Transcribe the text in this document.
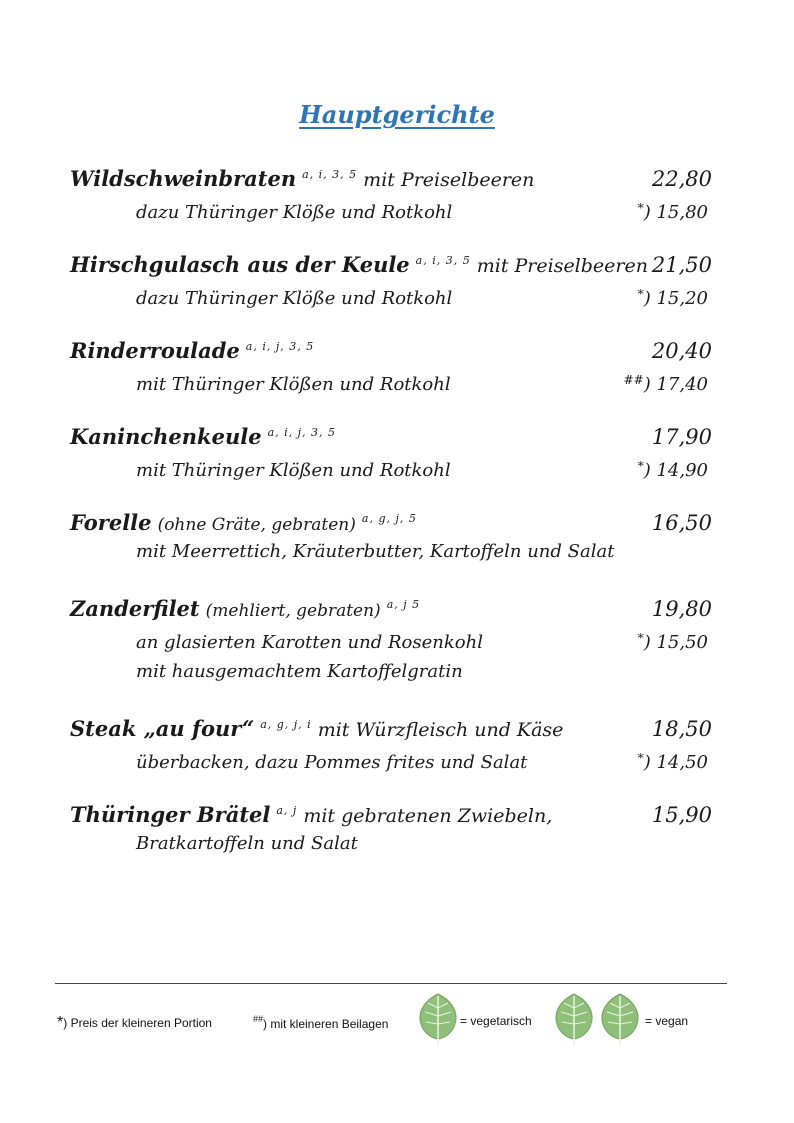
Hauptgerichte
Wildschweinbraten $^{a, i, 3, 5}$ mit Preiselbeeren	22,80
dazu Thüringer Klöße und Rotkohl	*) 15,80
Hirschgulasch aus der Keule $^{a, i, 3, 5}$ mit Preiselbeeren 21,50
dazu Thüringer Klöße und Rotkohl	*) 15,20
Rinderroulade $^{a, i, j, 3, 5}$	20,40
mit Thüringer Klößen und Rotkohl	##) 17,40
Kaninchenkeule $^{a, i, j, 3, 5}$	17,90
mit Thüringer Klößen und Rotkohl	*) 14,90
Forelle (ohne Gräte, gebraten) $^{a, g, j, 5}$	16,50
mit Meerrettich, Kräuterbutter, Kartoffeln und Salat
Zanderfilet (mehliert, gebraten) $^{a, j 5}$	19,80
an glasierten Karotten und Rosenkohl	*) 15,50
mit hausgemachtem Kartoffelgratin
Steak „au four“ $^{a, g, j, i}$ mit Würzfleisch und Käse	18,50
überbacken, dazu Pommes frites und Salat	*) 14,50
Thüringer Brätel $^{a, j}$ mit gebratenen Zwiebeln,	15,90
Bratkartoffeln und Salat
*) Preis der kleineren Portion	##) mit kleineren Beilagen	= vegetarisch	= vegan
